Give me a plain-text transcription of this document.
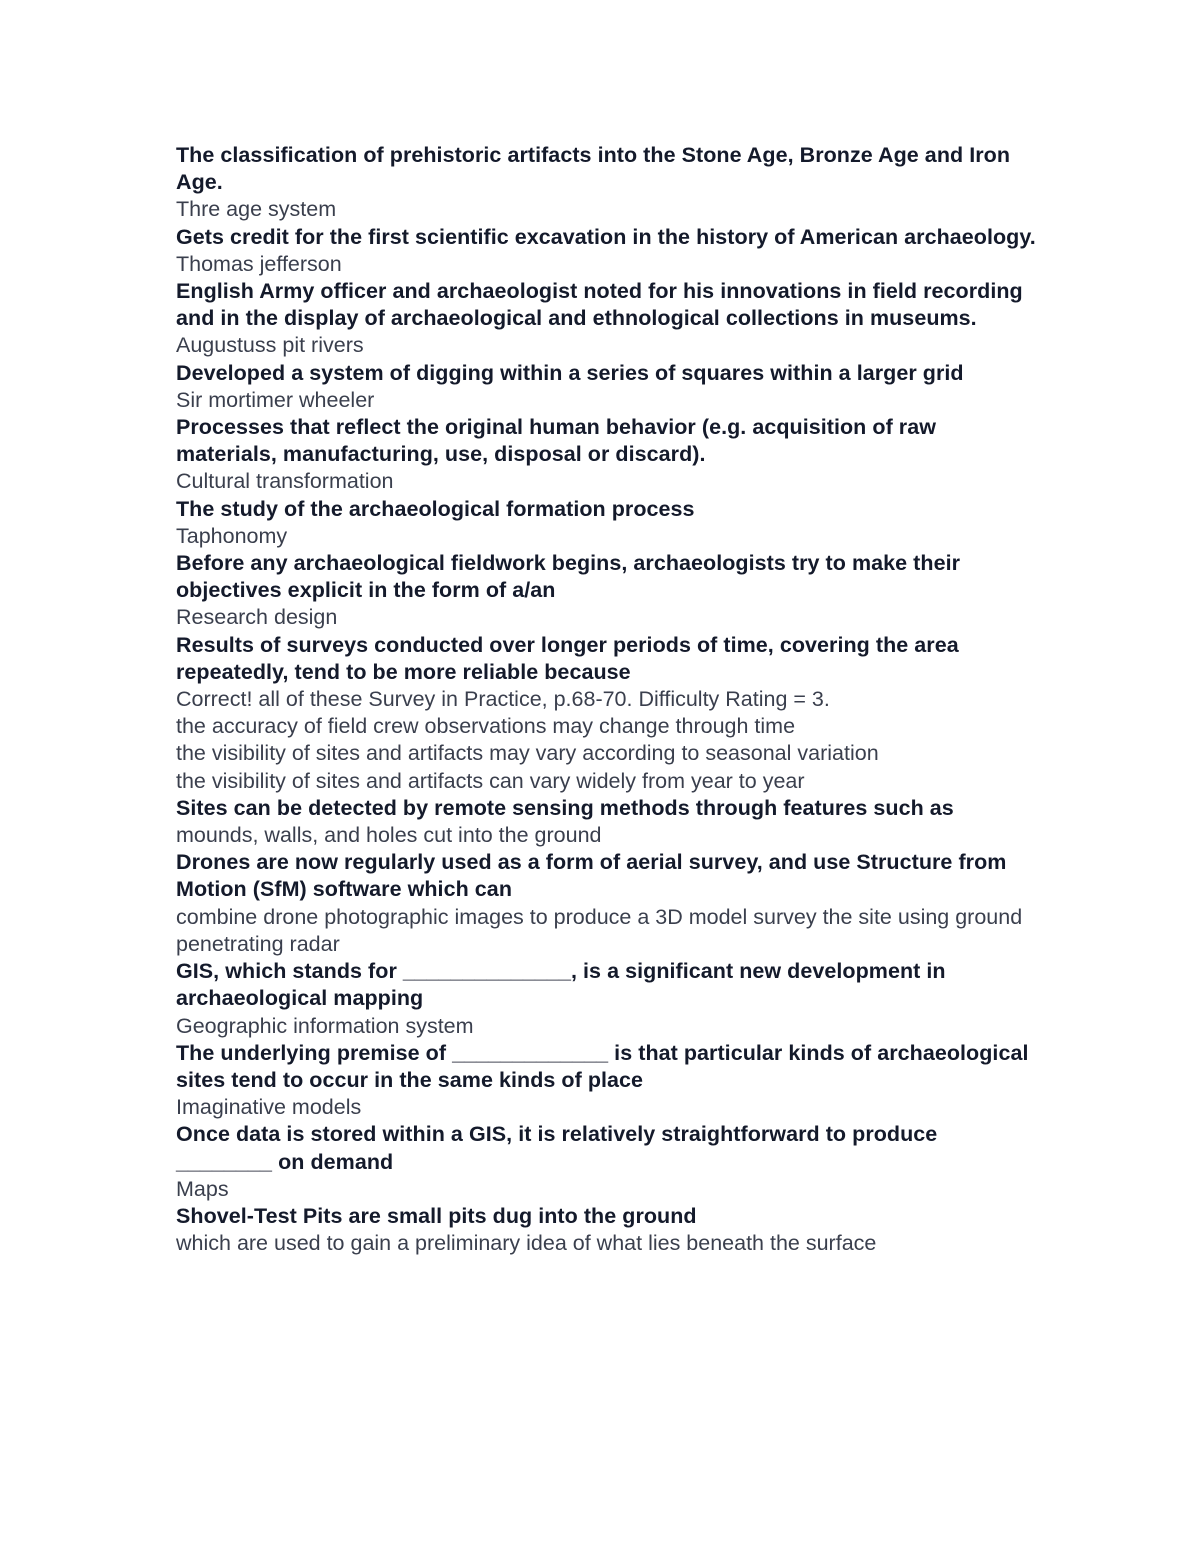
The classification of prehistoric artifacts into the Stone Age, Bronze Age and Iron Age.
Thre age system
Gets credit for the first scientific excavation in the history of American archaeology.
Thomas jefferson
English Army officer and archaeologist noted for his innovations in field recording and in the display of archaeological and ethnological collections in museums.
Augustuss pit rivers
Developed a system of digging within a series of squares within a larger grid
Sir mortimer wheeler
Processes that reflect the original human behavior (e.g. acquisition of raw materials, manufacturing, use, disposal or discard).
Cultural transformation
The study of the archaeological formation process
Taphonomy
Before any archaeological fieldwork begins, archaeologists try to make their objectives explicit in the form of a/an
Research design
Results of surveys conducted over longer periods of time, covering the area repeatedly, tend to be more reliable because
Correct! all of these Survey in Practice, p.68-70. Difficulty Rating = 3.
the accuracy of field crew observations may change through time
the visibility of sites and artifacts may vary according to seasonal variation
the visibility of sites and artifacts can vary widely from year to year
Sites can be detected by remote sensing methods through features such as
mounds, walls, and holes cut into the ground
Drones are now regularly used as a form of aerial survey, and use Structure from Motion (SfM) software which can
combine drone photographic images to produce a 3D model survey the site using ground penetrating radar
GIS, which stands for ______________, is a significant new development in archaeological mapping
Geographic information system
The underlying premise of _____________ is that particular kinds of archaeological sites tend to occur in the same kinds of place
Imaginative models
Once data is stored within a GIS, it is relatively straightforward to produce ________ on demand
Maps
Shovel-Test Pits are small pits dug into the ground
which are used to gain a preliminary idea of what lies beneath the surface
